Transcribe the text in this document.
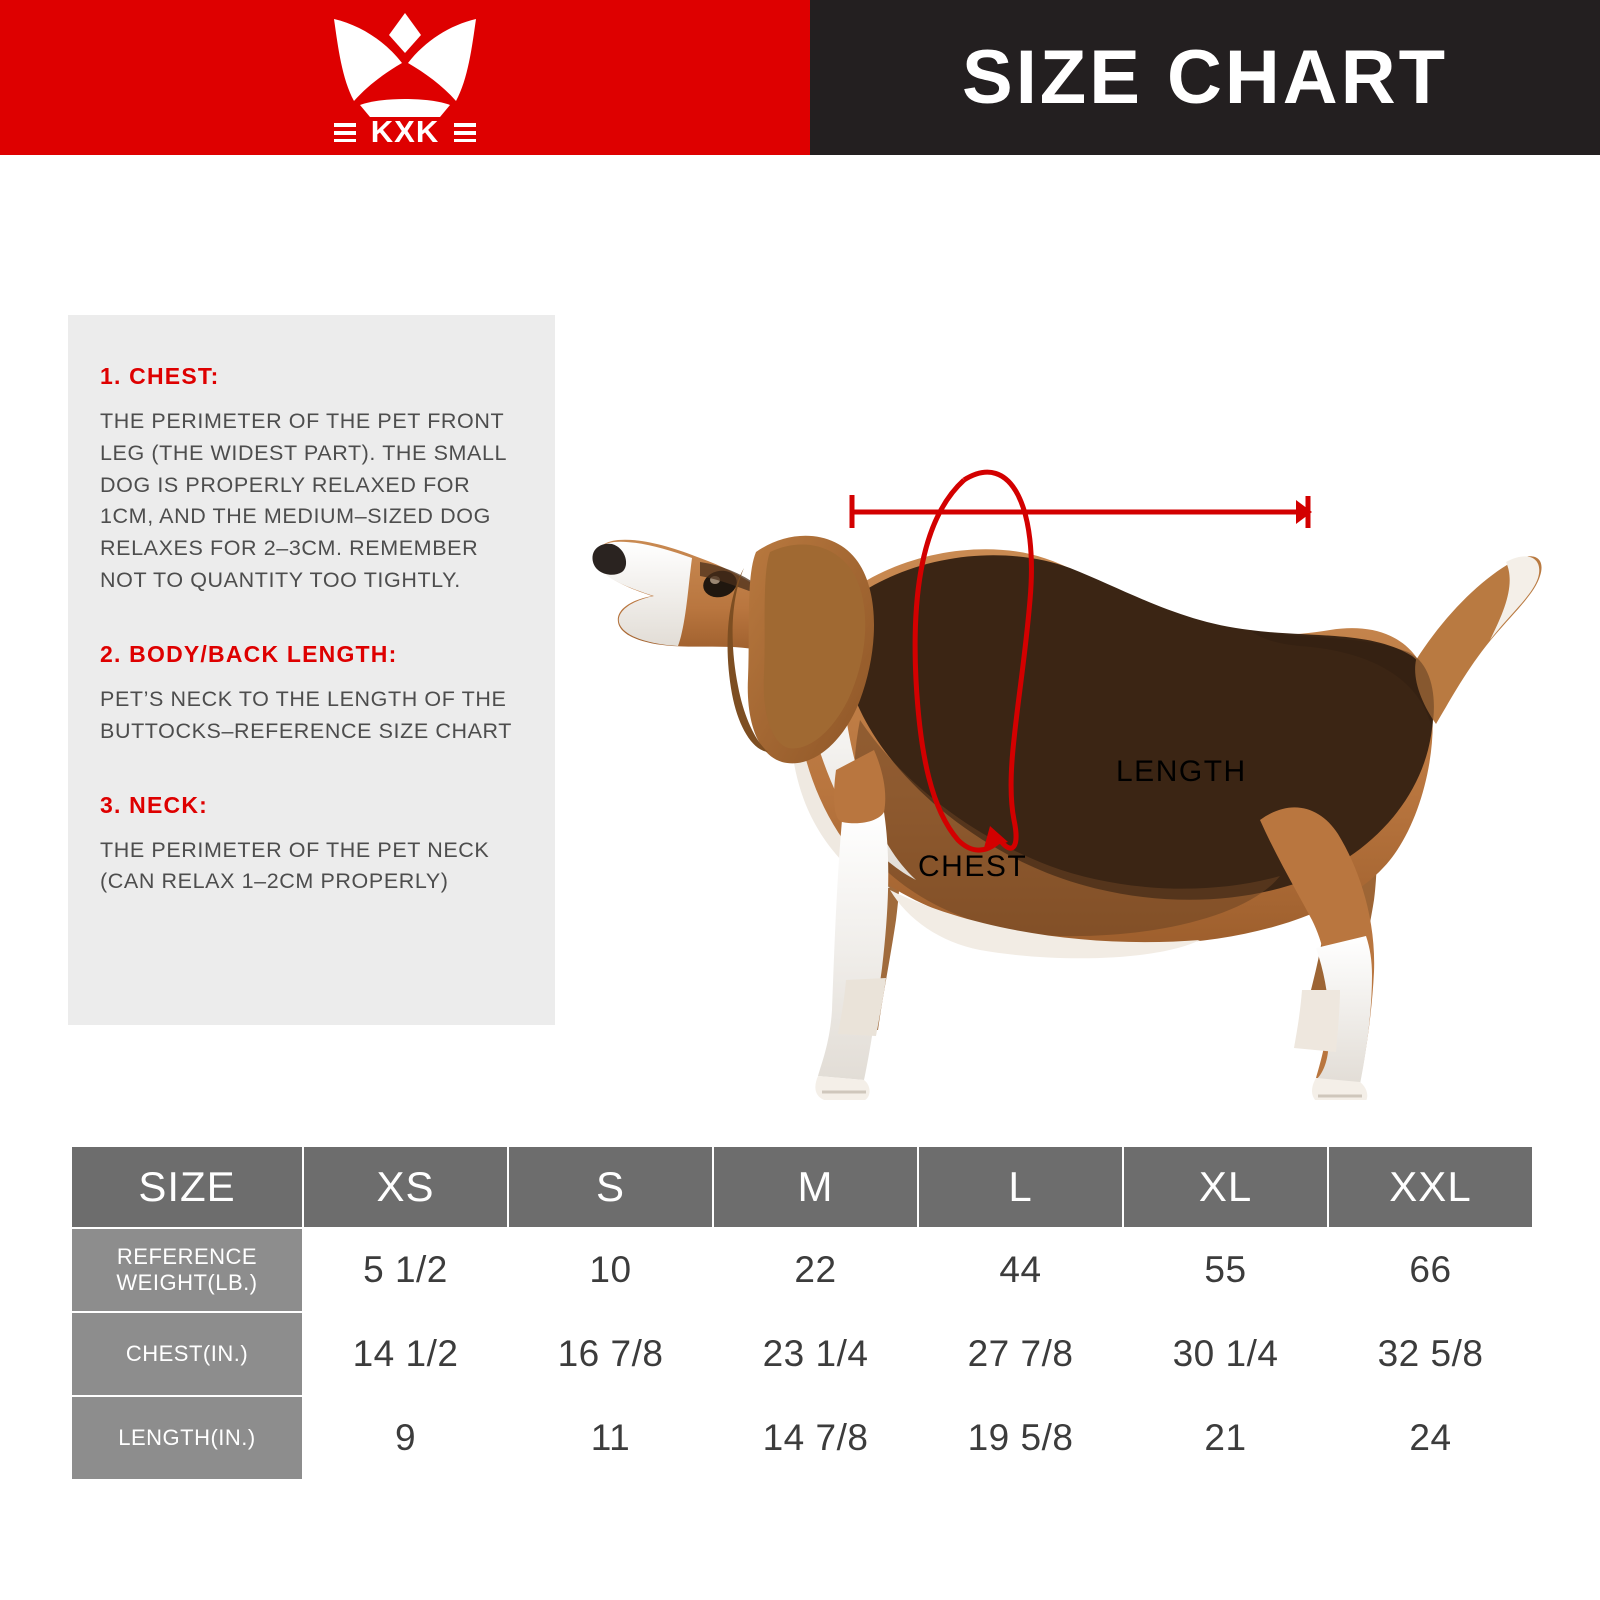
KXK
SIZE CHART
1. CHEST:
THE PERIMETER OF THE PET FRONT LEG (THE WIDEST PART). THE SMALL DOG IS PROPERLY RELAXED FOR 1CM, AND THE MEDIUM–SIZED DOG RELAXES FOR 2–3CM. REMEMBER NOT TO QUANTITY TOO TIGHTLY.
2. BODY/BACK LENGTH:
PET’S NECK TO THE LENGTH OF THE BUTTOCKS–REFERENCE SIZE CHART
3. NECK:
THE PERIMETER OF THE PET NECK (CAN RELAX 1–2CM PROPERLY)
LENGTH
CHEST
SIZE	XS	S	M	L	XL	XXL
REFERENCE
WEIGHT(LB.)	5 1/2	10	22	44	55	66
CHEST(IN.)	14 1/2	16 7/8	23 1/4	27 7/8	30 1/4	32 5/8
LENGTH(IN.)	9	11	14 7/8	19 5/8	21	24
